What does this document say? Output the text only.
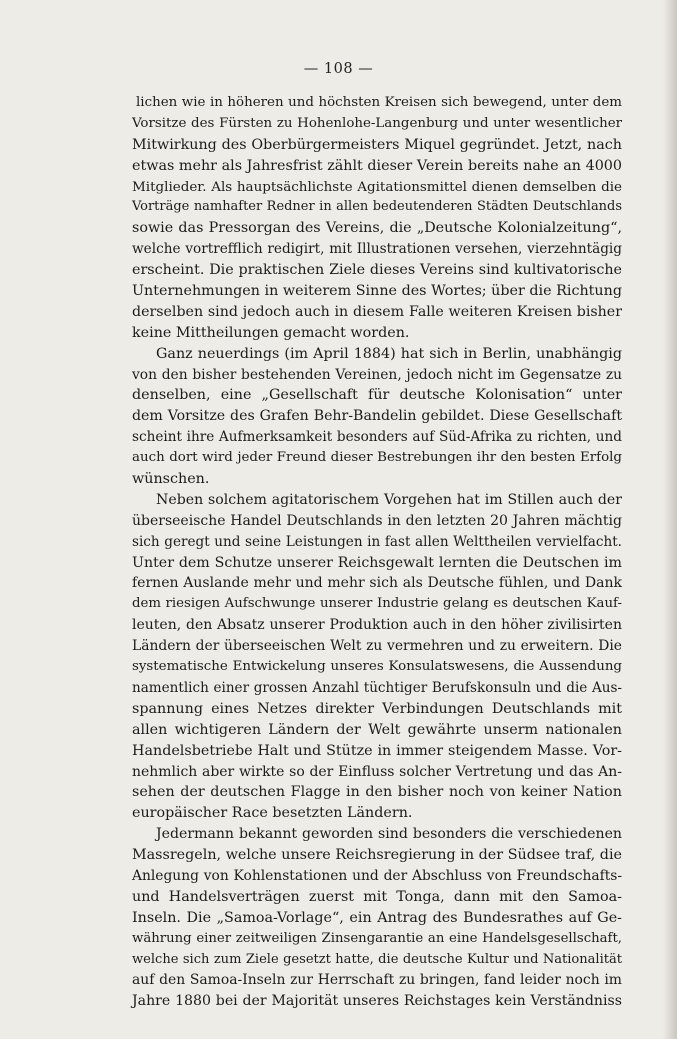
— 108 —
lichen wie in höheren und höchsten Kreisen sich bewegend, unter dem
Vorsitze des Fürsten zu Hohenlohe-Langenburg und unter wesentlicher
Mitwirkung des Oberbürgermeisters Miquel gegründet. Jetzt, nach
etwas mehr als Jahresfrist zählt dieser Verein bereits nahe an 4000
Mitglieder. Als hauptsächlichste Agitationsmittel dienen demselben die
Vorträge namhafter Redner in allen bedeutenderen Städten Deutschlands
sowie das Pressorgan des Vereins, die „Deutsche Kolonialzeitung“,
welche vortrefflich redigirt, mit Illustrationen versehen, vierzehntägig
erscheint. Die praktischen Ziele dieses Vereins sind kultivatorische
Unternehmungen in weiterem Sinne des Wortes; über die Richtung
derselben sind jedoch auch in diesem Falle weiteren Kreisen bisher
keine Mittheilungen gemacht worden.
Ganz neuerdings (im April 1884) hat sich in Berlin, unabhängig
von den bisher bestehenden Vereinen, jedoch nicht im Gegensatze zu
denselben, eine „Gesellschaft für deutsche Kolonisation“ unter
dem Vorsitze des Grafen Behr-Bandelin gebildet. Diese Gesellschaft
scheint ihre Aufmerksamkeit besonders auf Süd-Afrika zu richten, und
auch dort wird jeder Freund dieser Bestrebungen ihr den besten Erfolg
wünschen.
Neben solchem agitatorischem Vorgehen hat im Stillen auch der
überseeische Handel Deutschlands in den letzten 20 Jahren mächtig
sich geregt und seine Leistungen in fast allen Welttheilen vervielfacht.
Unter dem Schutze unserer Reichsgewalt lernten die Deutschen im
fernen Auslande mehr und mehr sich als Deutsche fühlen, und Dank
dem riesigen Aufschwunge unserer Industrie gelang es deutschen Kauf-
leuten, den Absatz unserer Produktion auch in den höher zivilisirten
Ländern der überseeischen Welt zu vermehren und zu erweitern. Die
systematische Entwickelung unseres Konsulatswesens, die Aussendung
namentlich einer grossen Anzahl tüchtiger Berufskonsuln und die Aus-
spannung eines Netzes direkter Verbindungen Deutschlands mit
allen wichtigeren Ländern der Welt gewährte unserm nationalen
Handelsbetriebe Halt und Stütze in immer steigendem Masse. Vor-
nehmlich aber wirkte so der Einfluss solcher Vertretung und das An-
sehen der deutschen Flagge in den bisher noch von keiner Nation
europäischer Race besetzten Ländern.
Jedermann bekannt geworden sind besonders die verschiedenen
Massregeln, welche unsere Reichsregierung in der Südsee traf, die
Anlegung von Kohlenstationen und der Abschluss von Freundschafts-
und Handelsverträgen zuerst mit Tonga, dann mit den Samoa-
Inseln. Die „Samoa-Vorlage“, ein Antrag des Bundesrathes auf Ge-
währung einer zeitweiligen Zinsengarantie an eine Handelsgesellschaft,
welche sich zum Ziele gesetzt hatte, die deutsche Kultur und Nationalität
auf den Samoa-Inseln zur Herrschaft zu bringen, fand leider noch im
Jahre 1880 bei der Majorität unseres Reichstages kein Verständniss
